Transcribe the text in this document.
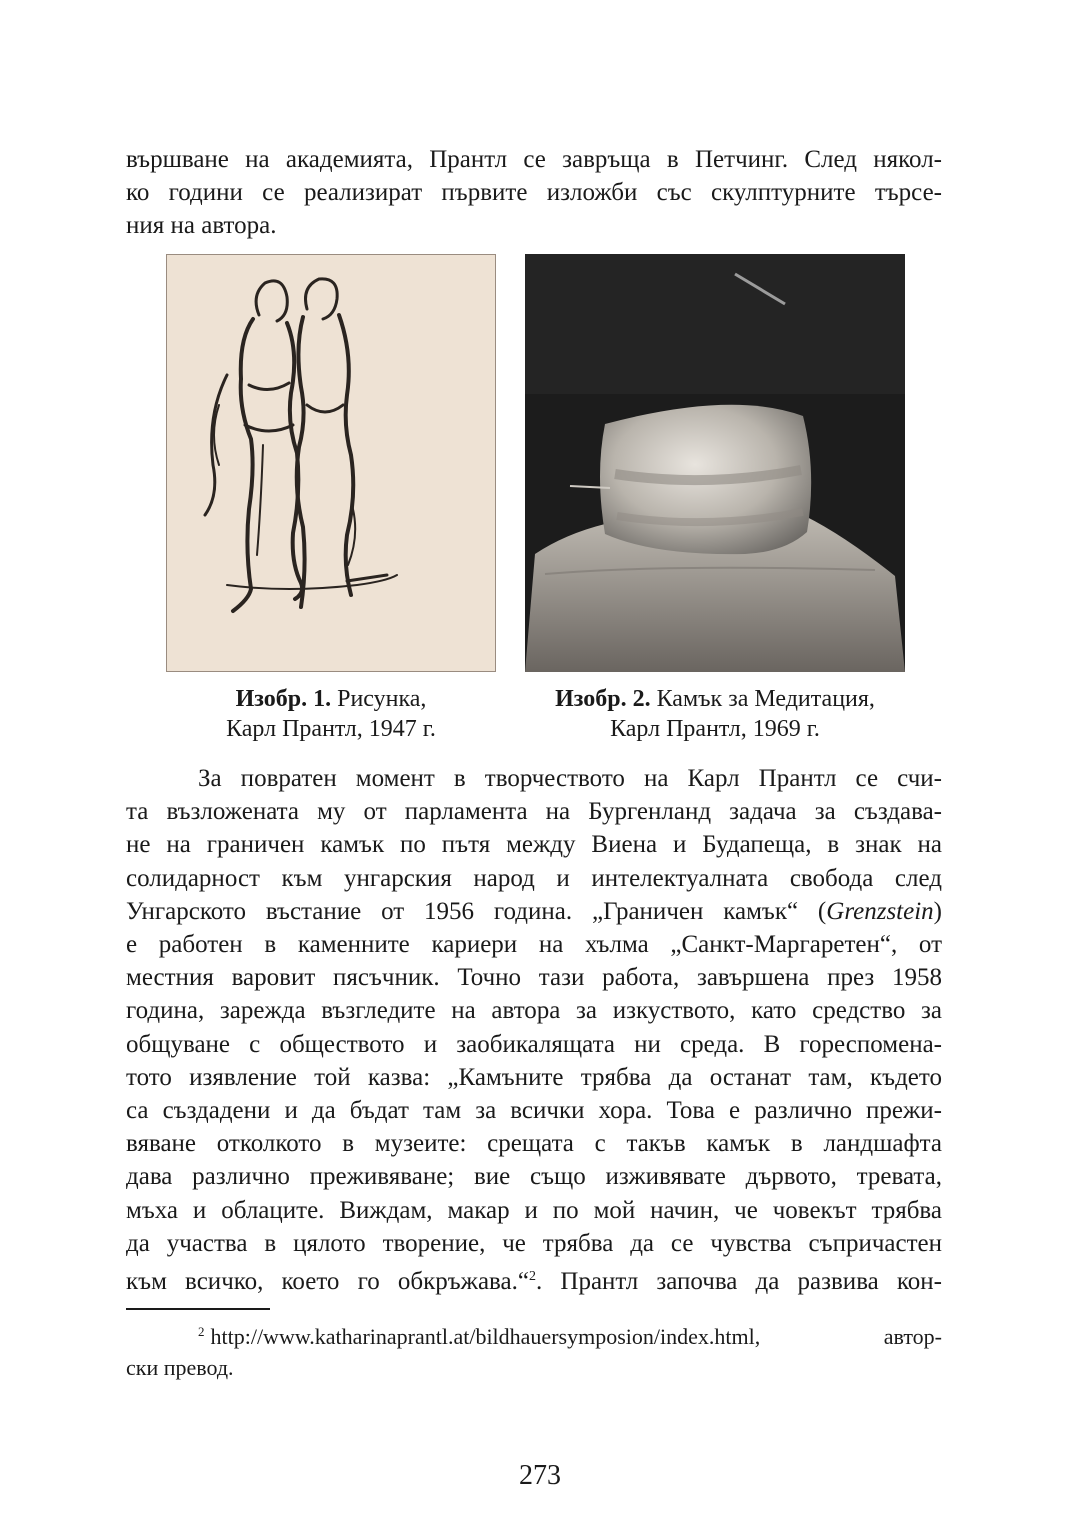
вършване на академията, Прантл се завръща в Петчинг. След някол-
ко години се реализират първите изложби със скулптурните търсе-
ния на автора.

Изобр. 1. Рисунка,
Карл Прантл, 1947 г.
Изобр. 2. Камък за Медитация,
Карл Прантл, 1969 г.

За повратен момент в творчеството на Карл Прантл се счи-
та възложената му от парламента на Бургенланд задача за създава-
не на граничен камък по пътя между Виена и Будапеща, в знак на
солидарност към унгарския народ и интелектуалната свобода след
Унгарското въстание от 1956 година. „Граничен камък“ (Grenzstein)
е работен в каменните кариери на хълма „Санкт-Маргаретен“, от
местния варовит пясъчник. Точно тази работа, завършена през 1958
година, зарежда възгледите на автора за изкуството, като средство за
общуване с обществото и заобикалящата ни среда. В гореспомена-
тото изявление той казва: „Камъните трябва да останат там, където
са създадени и да бъдат там за всички хора. Това е различно прежи-
вяване отколкото в музеите: срещата с такъв камък в ландшафта
дава различно преживяване; вие също изживявате дървото, тревата,
мъха и облаците. Виждам, макар и по мой начин, че човекът трябва
да участва в цялото творение, че трябва да се чувства съпричастен
към всичко, което го обкръжава.“$^2$. Прантл започва да развива кон-

$^2$ http://www.katharinaprantl.at/bildhauersymposion/index.html, автор-
ски превод.
273
